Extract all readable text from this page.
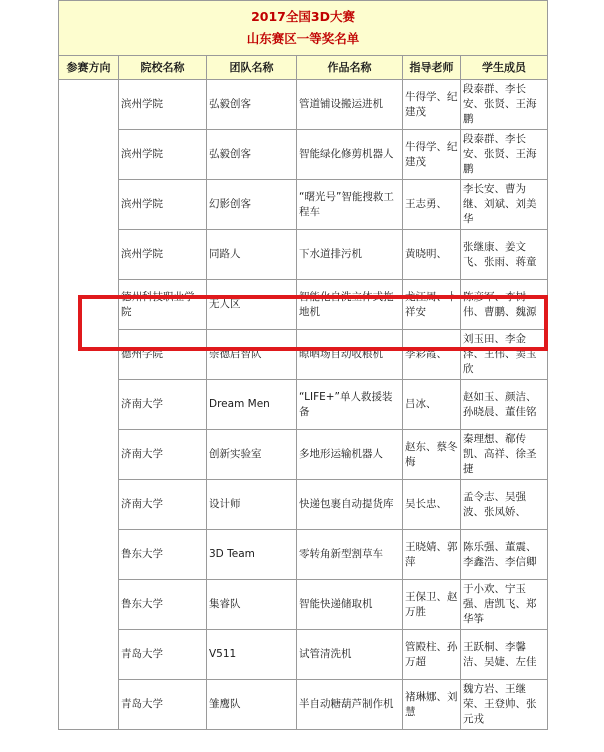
2017全国3D大赛
山东赛区一等奖名单					

参赛方向	院校名称	团队名称	作品名称	指导老师	学生成员
	滨州学院	弘毅创客	管道铺设搬运进机	牛得学、纪建茂	段泰群、李长安、张贤、王海鹏
	滨州学院	弘毅创客	智能绿化修剪机器人	牛得学、纪建茂	段泰群、李长安、张贤、王海鹏
	滨州学院	幻影创客	“曙光号”智能搜救工程车	王志勇、	李长安、曹为继、刘斌、刘美华
	滨州学院	同路人	下水道排污机	黄晓明、	张继康、姜文飞、张雨、蒋童
	德州科技职业学院	无人区	智能化自洗立体式拖地机	龙江周、卜祥安	陈彦军、李树伟、曹鹏、魏源
	德州学院	崇德启智队	晾晒场自动收粮机	李彩霞、	刘玉田、李金泽、王伟、窦玉欣
	济南大学	Dream Men	“LIFE+”单人救援装备	吕冰、	赵如玉、颜洁、孙晓晨、董佳铭
	济南大学	创新实验室	多地形运输机器人	赵东、蔡冬梅	秦理想、郗传凯、高祥、徐圣捷
	济南大学	设计师	快递包裹自动提货库	吴长忠、	孟令志、吴强波、张凤娇、
	鲁东大学	3D Team	零转角新型割草车	王晓婧、郭萍	陈乐强、董震、李鑫浩、李信卿
	鲁东大学	集睿队	智能快递储取机	王保卫、赵万胜	于小欢、宁玉强、唐凯飞、郑华筝
	青岛大学	V511	试管清洗机	管殿柱、孙万超	王跃桐、李馨洁、吴婕、左佳
	青岛大学	雏鹰队	半自动糖葫芦制作机	褚琳娜、刘慧	魏方岩、王继荣、王登帅、张元戎
